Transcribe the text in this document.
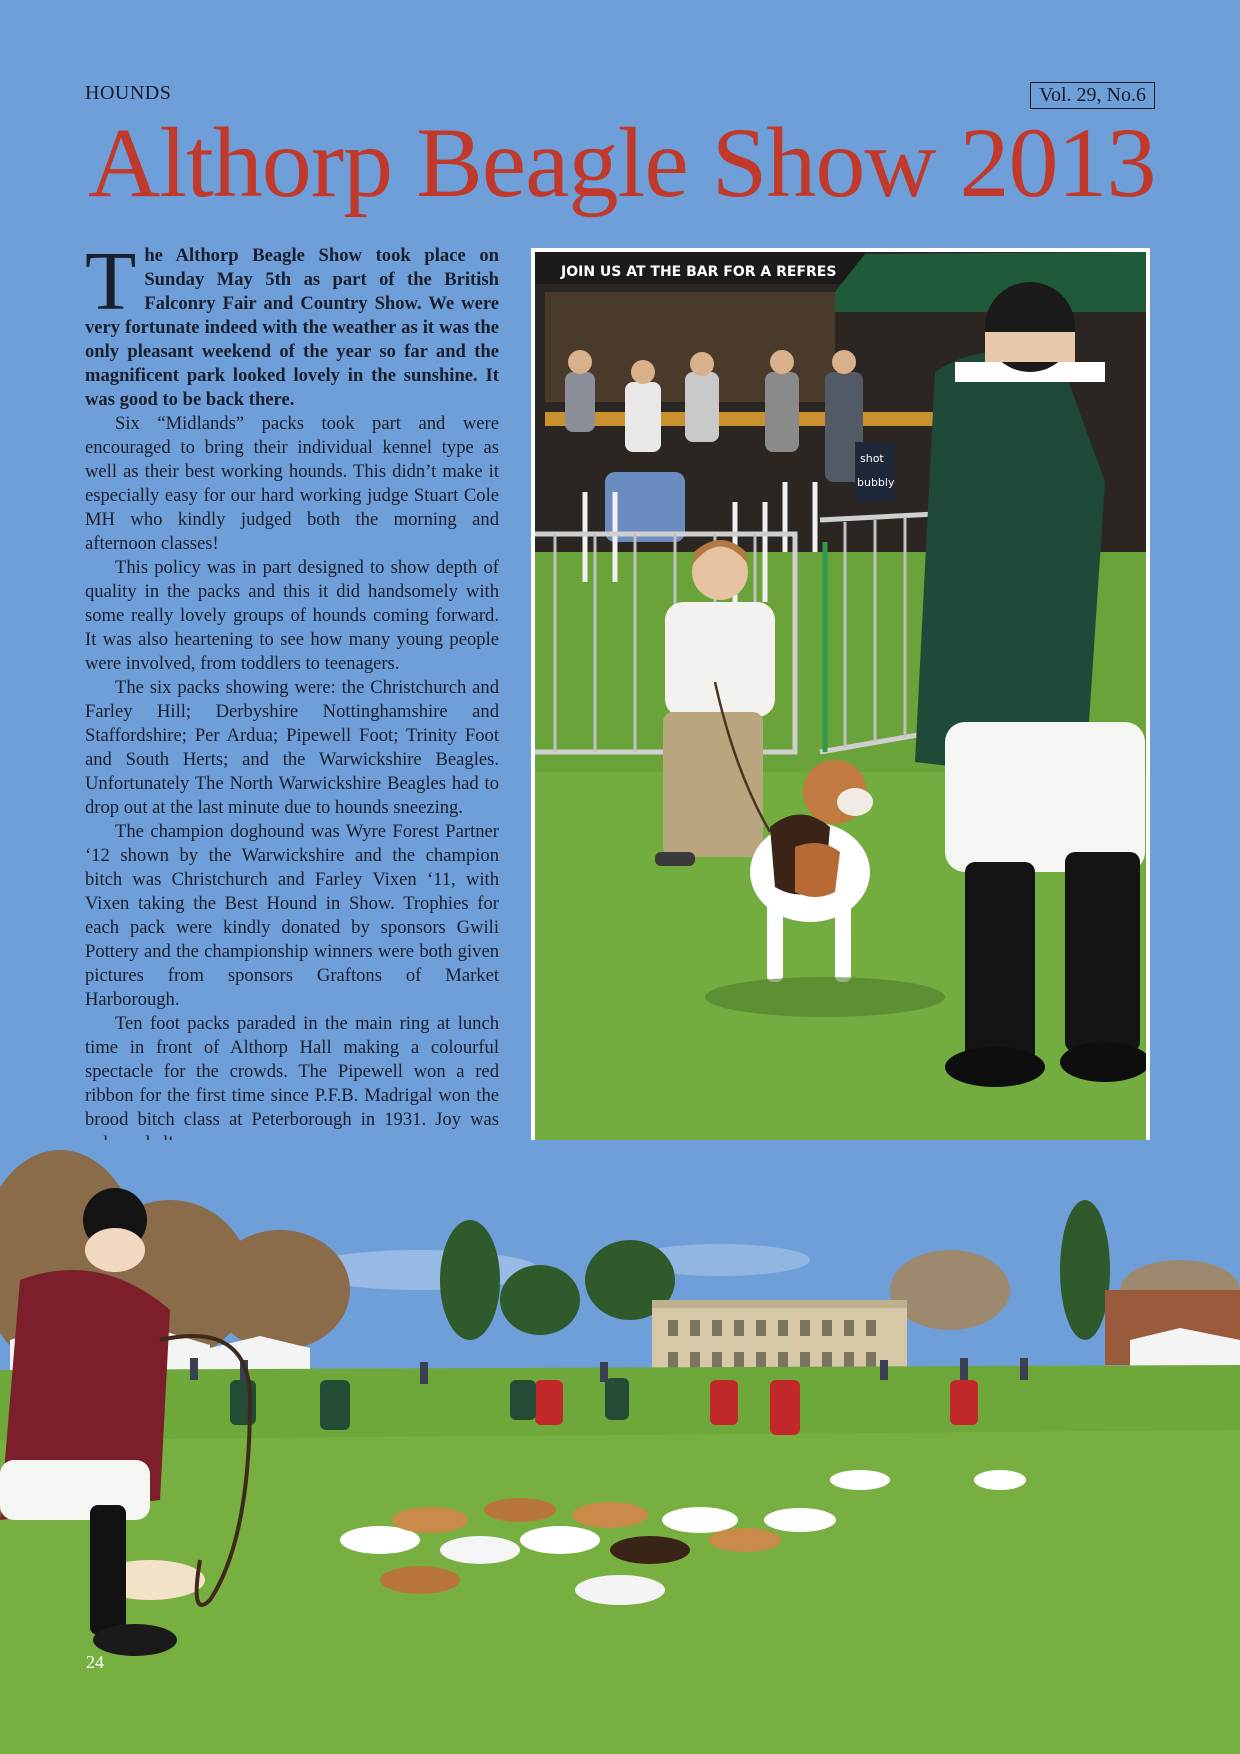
HOUNDS	Vol. 29, No.6
Althorp Beagle Show 2013

The Althorp Beagle Show took place on Sunday May 5th as part of the British Falconry Fair and Country Show. We were very fortunate indeed with the weather as it was the only pleasant weekend of the year so far and the magnificent park looked lovely in the sunshine. It was good to be back there.

Six “Midlands” packs took part and were encouraged to bring their individual kennel type as well as their best working hounds. This didn’t make it especially easy for our hard working judge Stuart Cole MH who kindly judged both the morning and afternoon classes!

This policy was in part designed to show depth of quality in the packs and this it did handsomely with some really lovely groups of hounds coming forward. It was also heartening to see how many young people were involved, from toddlers to teenagers.

The six packs showing were: the Christchurch and Farley Hill; Derbyshire Nottinghamshire and Staffordshire; Per Ardua; Pipewell Foot; Trinity Foot and South Herts; and the Warwickshire Beagles. Unfortunately The North Warwickshire Beagles had to drop out at the last minute due to hounds sneezing.

The champion doghound was Wyre Forest Partner ‘12 shown by the Warwickshire and the champion bitch was Christchurch and Farley Vixen ‘11, with Vixen taking the Best Hound in Show. Trophies for each pack were kindly donated by sponsors Gwili Pottery and the championship winners were both given pictures from sponsors Graftons of Market Harborough.

Ten foot packs paraded in the main ring at lunch time in front of Althorp Hall making a colourful spectacle for the crowds. The Pipewell won a red ribbon for the first time since P.F.B. Madrigal won the brood bitch class at Peterborough in 1931. Joy was

JOIN US AT THE BAR FOR A REFRES
shot
bubbly
24
